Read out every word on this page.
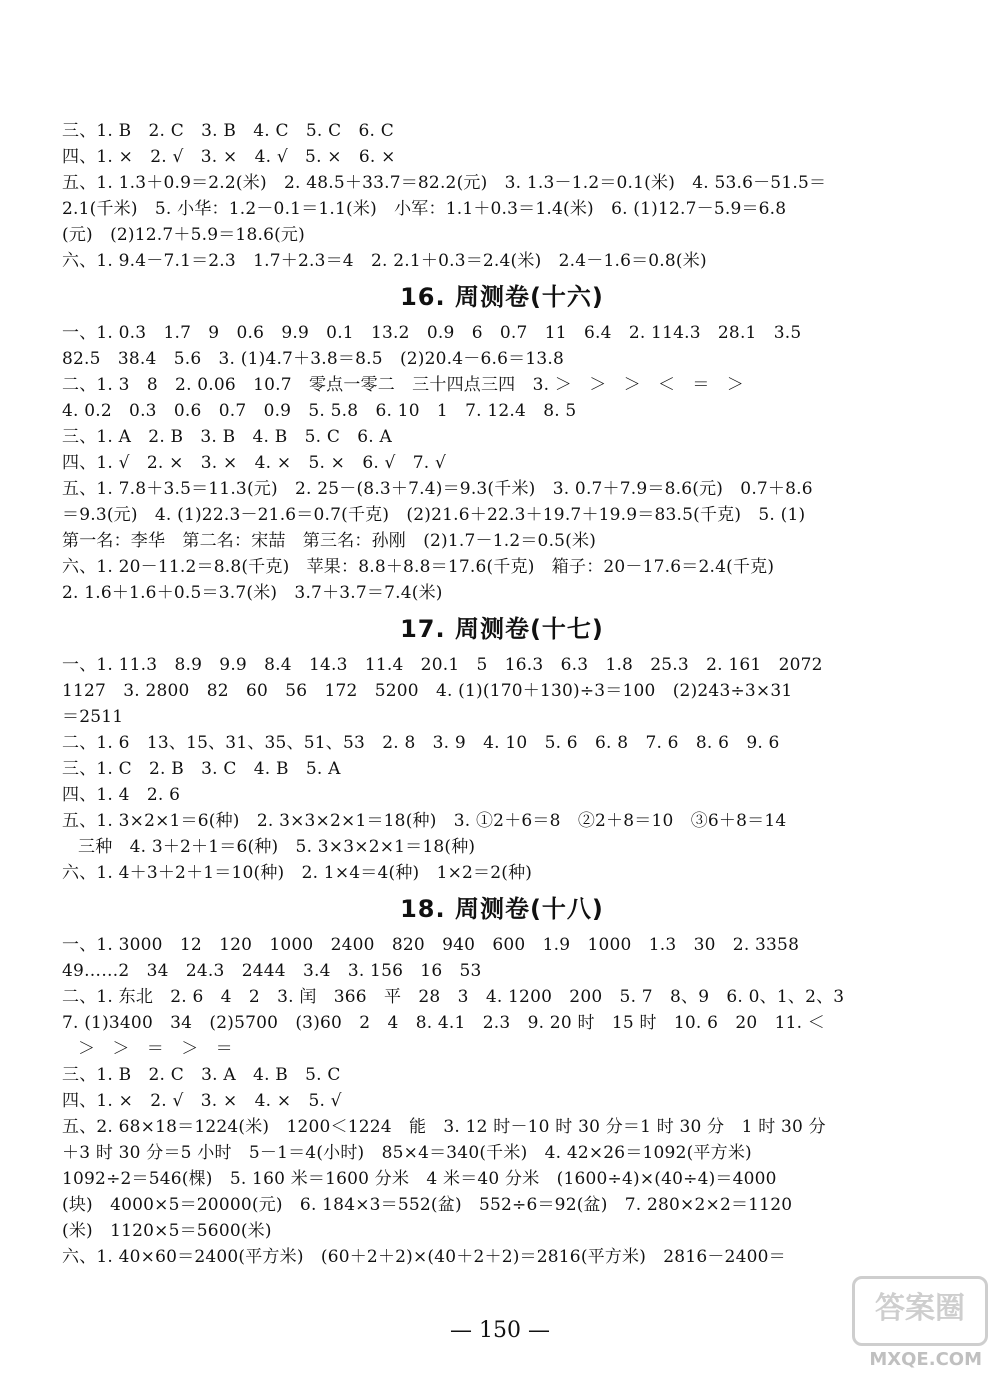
三、1. B　2. C　3. B　4. C　5. C　6. C
四、1. ×　2. √　3. ×　4. √　5. ×　6. ×
五、1. 1.3＋0.9＝2.2(米)　2. 48.5＋33.7＝82.2(元)　3. 1.3－1.2＝0.1(米)　4. 53.6－51.5＝
2.1(千米)　5. 小华：1.2－0.1＝1.1(米)　小军：1.1＋0.3＝1.4(米)　6. (1)12.7－5.9＝6.8
(元)　(2)12.7＋5.9＝18.6(元)
六、1. 9.4－7.1＝2.3　1.7＋2.3＝4　2. 2.1＋0.3＝2.4(米)　2.4－1.6＝0.8(米)
16. 周测卷(十六)
一、1. 0.3　1.7　9　0.6　9.9　0.1　13.2　0.9　6　0.7　11　6.4　2. 114.3　28.1　3.5
82.5　38.4　5.6　3. (1)4.7＋3.8＝8.5　(2)20.4－6.6＝13.8
二、1. 3　8　2. 0.06　10.7　零点一零二　三十四点三四　3. ＞　＞　＞　＜　＝　＞
4. 0.2　0.3　0.6　0.7　0.9　5. 5.8　6. 10　1　7. 12.4　8. 5
三、1. A　2. B　3. B　4. B　5. C　6. A
四、1. √　2. ×　3. ×　4. ×　5. ×　6. √　7. √
五、1. 7.8＋3.5＝11.3(元)　2. 25－(8.3＋7.4)＝9.3(千米)　3. 0.7＋7.9＝8.6(元)　0.7＋8.6
＝9.3(元)　4. (1)22.3－21.6＝0.7(千克)　(2)21.6＋22.3＋19.7＋19.9＝83.5(千克)　5. (1)
第一名：李华　第二名：宋喆　第三名：孙刚　(2)1.7－1.2＝0.5(米)
六、1. 20－11.2＝8.8(千克)　苹果：8.8＋8.8＝17.6(千克)　箱子：20－17.6＝2.4(千克)
2. 1.6＋1.6＋0.5＝3.7(米)　3.7＋3.7＝7.4(米)
17. 周测卷(十七)
一、1. 11.3　8.9　9.9　8.4　14.3　11.4　20.1　5　16.3　6.3　1.8　25.3　2. 161　2072
1127　3. 2800　82　60　56　172　5200　4. (1)(170＋130)÷3＝100　(2)243÷3×31
＝2511
二、1. 6　13、15、31、35、51、53　2. 8　3. 9　4. 10　5. 6　6. 8　7. 6　8. 6　9. 6
三、1. C　2. B　3. C　4. B　5. A
四、1. 4　2. 6
五、1. 3×2×1＝6(种)　2. 3×3×2×1＝18(种)　3. ①2＋6＝8　②2＋8＝10　③6＋8＝14
三种　4. 3＋2＋1＝6(种)　5. 3×3×2×1＝18(种)
六、1. 4＋3＋2＋1＝10(种)　2. 1×4＝4(种)　1×2＝2(种)
18. 周测卷(十八)
一、1. 3000　12　120　1000　2400　820　940　600　1.9　1000　1.3　30　2. 3358
49……2　34　24.3　2444　3.4　3. 156　16　53
二、1. 东北　2. 6　4　2　3. 闰　366　平　28　3　4. 1200　200　5. 7　8、9　6. 0、1、2、3
7. (1)3400　34　(2)5700　(3)60　2　4　8. 4.1　2.3　9. 20 时　15 时　10. 6　20　11. ＜
＞　＞　＝　＞　＝
三、1. B　2. C　3. A　4. B　5. C
四、1. ×　2. √　3. ×　4. ×　5. √
五、2. 68×18＝1224(米)　1200＜1224　能　3. 12 时－10 时 30 分＝1 时 30 分　1 时 30 分
＋3 时 30 分＝5 小时　5－1＝4(小时)　85×4＝340(千米)　4. 42×26＝1092(平方米)
1092÷2＝546(棵)　5. 160 米＝1600 分米　4 米＝40 分米　(1600÷4)×(40÷4)＝4000
(块)　4000×5＝20000(元)　6. 184×3＝552(盆)　552÷6＝92(盆)　7. 280×2×2＝1120
(米)　1120×5＝5600(米)
六、1. 40×60＝2400(平方米)　(60＋2＋2)×(40＋2＋2)＝2816(平方米)　2816－2400＝
— 150 —
答案圈
MXQE.COM
